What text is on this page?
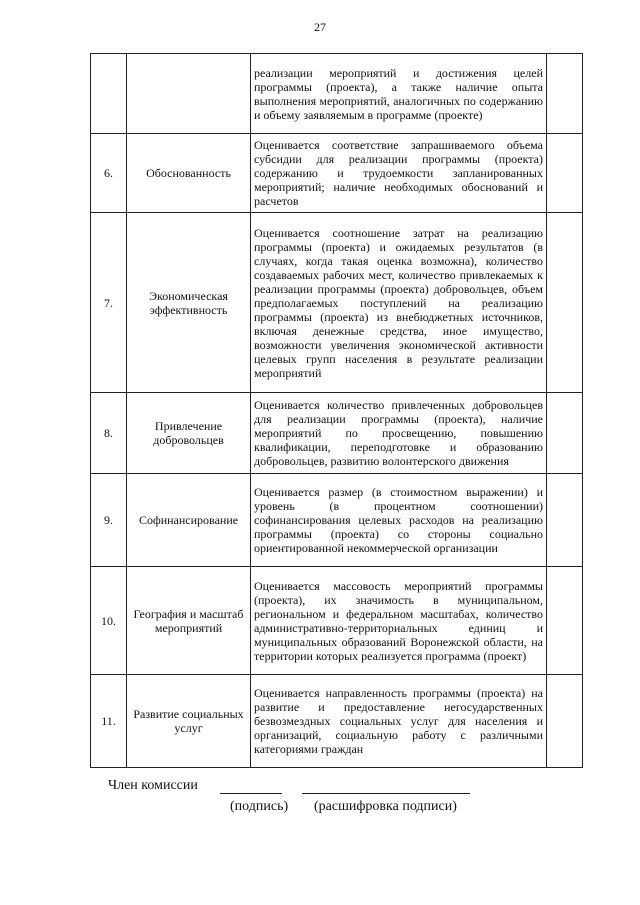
27
		реализации мероприятий и достижения целей программы (проекта), а также наличие опыта выполнения мероприятий, аналогичных по содержанию и объему заявляемым в программе (проекте)	
6.	Обоснованность	Оценивается соответствие запрашиваемого объема субсидии для реализации программы (проекта) содержанию и трудоемкости запланированных мероприятий; наличие необходимых обоснований и расчетов	
7.	Экономическая эффективность	Оценивается соотношение затрат на реализацию программы (проекта) и ожидаемых результатов (в случаях, когда такая оценка возможна), количество создаваемых рабочих мест, количество привлекаемых к реализации программы (проекта) добровольцев, объем предполагаемых поступлений на реализацию программы (проекта) из внебюджетных источников, включая денежные средства, иное имущество, возможности увеличения экономической активности целевых групп населения в результате реализации мероприятий	
8.	Привлечение добровольцев	Оценивается количество привлеченных добровольцев для реализации программы (проекта), наличие мероприятий по просвещению, повышению квалификации, переподготовке и образованию добровольцев, развитию волонтерского движения	
9.	Софинансирование	Оценивается размер (в стоимостном выражении) и уровень (в процентном соотношении) софинансирования целевых расходов на реализацию программы (проекта) со стороны социально ориентированной некоммерческой организации	
10.	География и масштаб мероприятий	Оценивается массовость мероприятий программы (проекта), их значимость в муниципальном, региональном и федеральном масштабах, количество административно-территориальных единиц и муниципальных образований Воронежской области, на территории которых реализуется программа (проект)	
11.	Развитие социальных услуг	Оценивается направленность программы (проекта) на развитие и предоставление негосударственных безвозмездных социальных услуг для населения и организаций, социальную работу с различными категориями граждан	
Член комиссии
(подпись) (расшифровка подписи)
